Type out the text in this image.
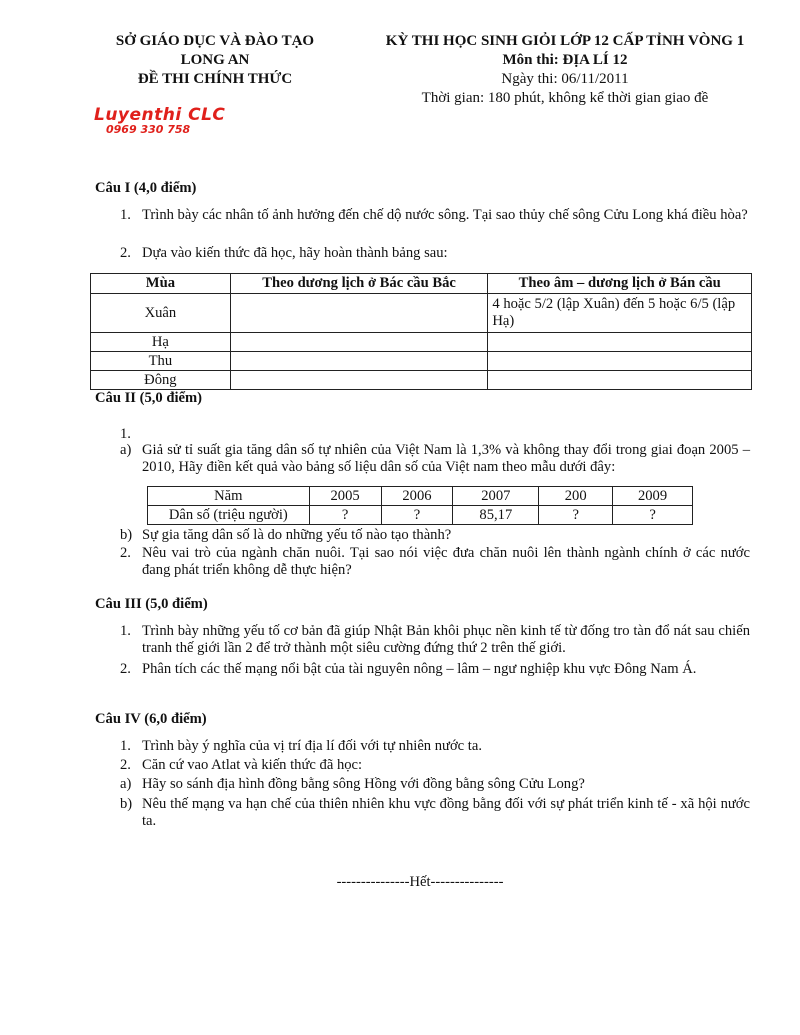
SỞ GIÁO DỤC VÀ ĐÀO TẠO
LONG AN
ĐỀ THI CHÍNH THỨC
KỲ THI HỌC SINH GIỎI LỚP 12 CẤP TỈNH VÒNG 1
Môn thi: ĐỊA LÍ 12
Ngày thi: 06/11/2011
Thời gian: 180 phút, không kể thời gian giao đề
Luyenthi CLC
0969 330 758
Câu I (4,0 điểm)
1. Trình bày các nhân tố ảnh hưởng đến chế dộ nước sông. Tại sao thủy chế sông Cửu Long khá điều hòa?
2. Dựa vào kiến thức đã học, hãy hoàn thành bảng sau:
Mùa	Theo dương lịch ở Bác cầu Bắc	Theo âm – dương lịch ở Bán cầu
Xuân		4 hoặc 5/2 (lập Xuân) đến 5 hoặc 6/5 (lập Hạ)
Hạ		
Thu		
Đông		
Câu II (5,0 điểm)
1.
a) Giả sử tỉ suất gia tăng dân số tự nhiên của Việt Nam là 1,3% và không thay đổi trong giai đoạn 2005 – 2010, Hãy điền kết quả vào bảng số liệu dân số của Việt nam theo mẫu dưới đây:
Năm	2005	2006	2007	200	2009
Dân số (triệu người)	?	?	85,17	?	?
b) Sự gia tăng dân số là do những yếu tố nào tạo thành?
2. Nêu vai trò của ngành chăn nuôi. Tại sao nói việc đưa chăn nuôi lên thành ngành chính ở các nước đang phát triển không dễ thực hiện?
Câu III (5,0 điểm)
1. Trình bày những yếu tố cơ bản đã giúp Nhật Bản khôi phục nền kinh tế từ đống tro tàn đổ nát sau chiến tranh thế giới lần 2 để trở thành một siêu cường đứng thứ 2 trên thế giới.
2. Phân tích các thế mạng nổi bật của tài nguyên nông – lâm – ngư nghiệp khu vực Đông Nam Á.
Câu IV (6,0 điểm)
1. Trình bày ý nghĩa của vị trí địa lí đối với tự nhiên nước ta.
2. Căn cứ vao Atlat và kiến thức đã học:
a) Hãy so sánh địa hình đồng bằng sông Hồng với đồng bằng sông Cửu Long?
b) Nêu thế mạng va hạn chế của thiên nhiên khu vực đồng bằng đối với sự phát triển kinh tế - xã hội nước ta.
---------------Hết---------------
